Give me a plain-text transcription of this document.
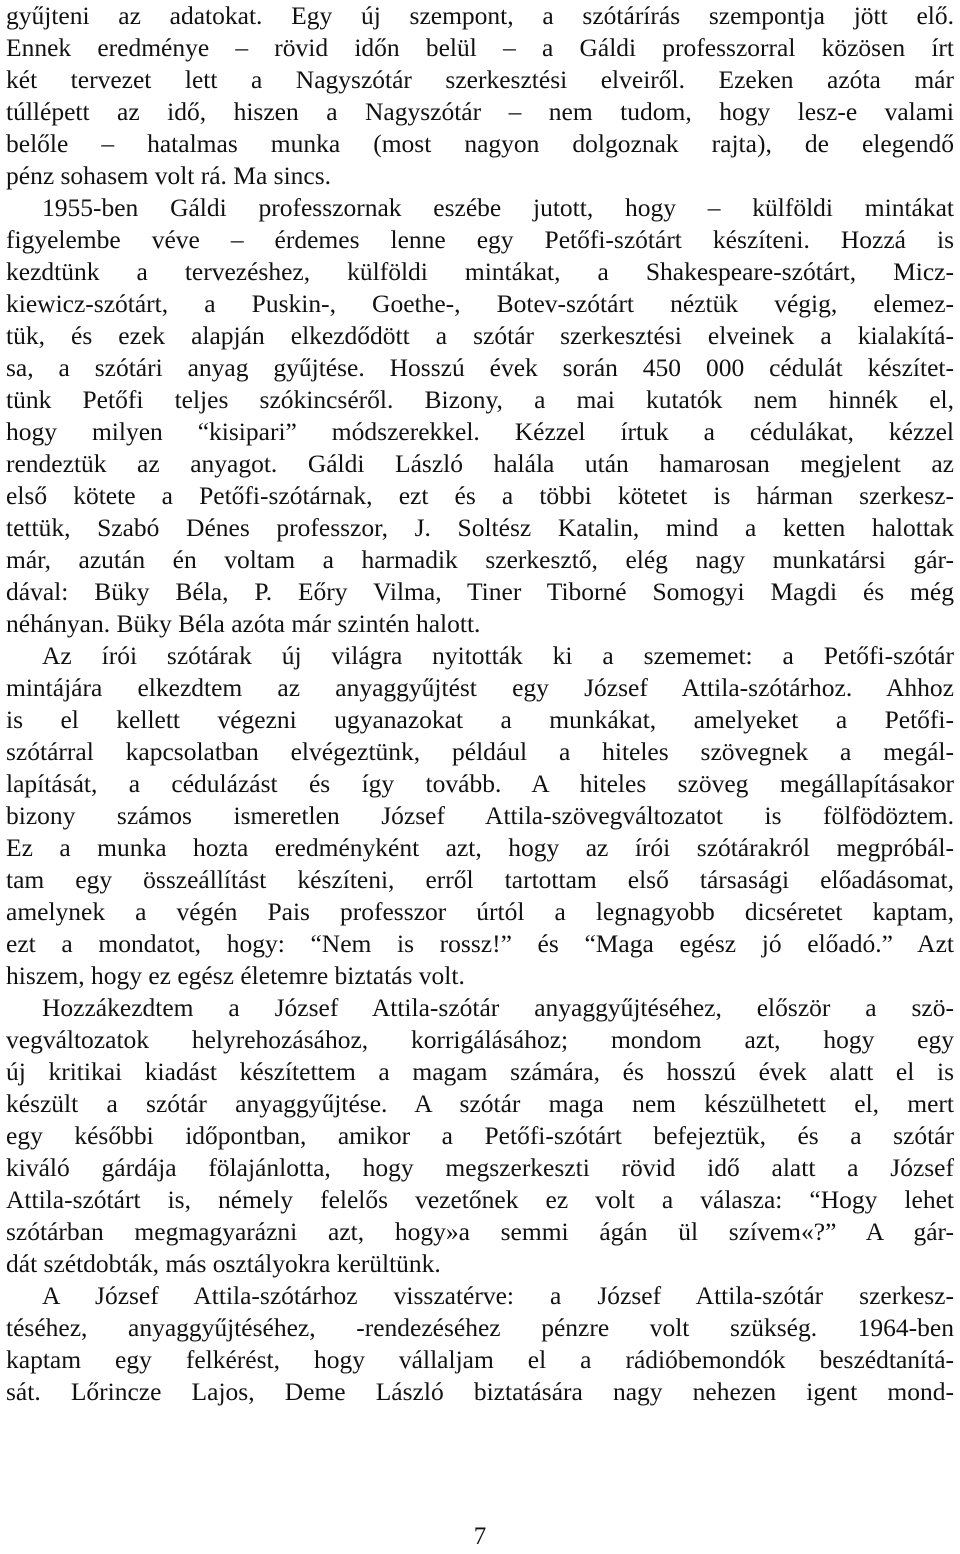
gyűjteni az adatokat. Egy új szempont, a szótárírás szempontja jött elő.
Ennek eredménye – rövid időn belül – a Gáldi professzorral közösen írt
két tervezet lett a Nagyszótár szerkesztési elveiről. Ezeken azóta már
túllépett az idő, hiszen a Nagyszótár – nem tudom, hogy lesz-e valami
belőle – hatalmas munka (most nagyon dolgoznak rajta), de elegendő
pénz sohasem volt rá. Ma sincs.
1955-ben Gáldi professzornak eszébe jutott, hogy – külföldi mintákat
figyelembe véve – érdemes lenne egy Petőfi-szótárt készíteni. Hozzá is
kezdtünk a tervezéshez, külföldi mintákat, a Shakespeare-szótárt, Micz-
kiewicz-szótárt, a Puskin-, Goethe-, Botev-szótárt néztük végig, elemez-
tük, és ezek alapján elkezdődött a szótár szerkesztési elveinek a kialakítá-
sa, a szótári anyag gyűjtése. Hosszú évek során 450 000 cédulát készítet-
tünk Petőfi teljes szókincséről. Bizony, a mai kutatók nem hinnék el,
hogy milyen “kisipari” módszerekkel. Kézzel írtuk a cédulákat, kézzel
rendeztük az anyagot. Gáldi László halála után hamarosan megjelent az
első kötete a Petőfi-szótárnak, ezt és a többi kötetet is hárman szerkesz-
tettük, Szabó Dénes professzor, J. Soltész Katalin, mind a ketten halottak
már, azután én voltam a harmadik szerkesztő, elég nagy munkatársi gár-
dával: Büky Béla, P. Eőry Vilma, Tiner Tiborné Somogyi Magdi és még
néhányan. Büky Béla azóta már szintén halott.
Az írói szótárak új világra nyitották ki a szememet: a Petőfi-szótár
mintájára elkezdtem az anyaggyűjtést egy József Attila-szótárhoz. Ahhoz
is el kellett végezni ugyanazokat a munkákat, amelyeket a Petőfi-
szótárral kapcsolatban elvégeztünk, például a hiteles szövegnek a megál-
lapítását, a cédulázást és így tovább. A hiteles szöveg megállapításakor
bizony számos ismeretlen József Attila-szövegváltozatot is fölfödöztem.
Ez a munka hozta eredményként azt, hogy az írói szótárakról megpróbál-
tam egy összeállítást készíteni, erről tartottam első társasági előadásomat,
amelynek a végén Pais professzor úrtól a legnagyobb dicséretet kaptam,
ezt a mondatot, hogy: “Nem is rossz!” és “Maga egész jó előadó.” Azt
hiszem, hogy ez egész életemre biztatás volt.
Hozzákezdtem a József Attila-szótár anyaggyűjtéséhez, először a szö-
vegváltozatok helyrehozásához, korrigálásához; mondom azt, hogy egy
új kritikai kiadást készítettem a magam számára, és hosszú évek alatt el is
készült a szótár anyaggyűjtése. A szótár maga nem készülhetett el, mert
egy későbbi időpontban, amikor a Petőfi-szótárt befejeztük, és a szótár
kiváló gárdája fölajánlotta, hogy megszerkeszti rövid idő alatt a József
Attila-szótárt is, némely felelős vezetőnek ez volt a válasza: “Hogy lehet
szótárban megmagyarázni azt, hogy»a semmi ágán ül szívem«?” A gár-
dát szétdobták, más osztályokra kerültünk.
A József Attila-szótárhoz visszatérve: a József Attila-szótár szerkesz-
téséhez, anyaggyűjtéséhez, -rendezéséhez pénzre volt szükség. 1964-ben
kaptam egy felkérést, hogy vállaljam el a rádióbemondók beszédtanítá-
sát. Lőrincze Lajos, Deme László biztatására nagy nehezen igent mond-
7
